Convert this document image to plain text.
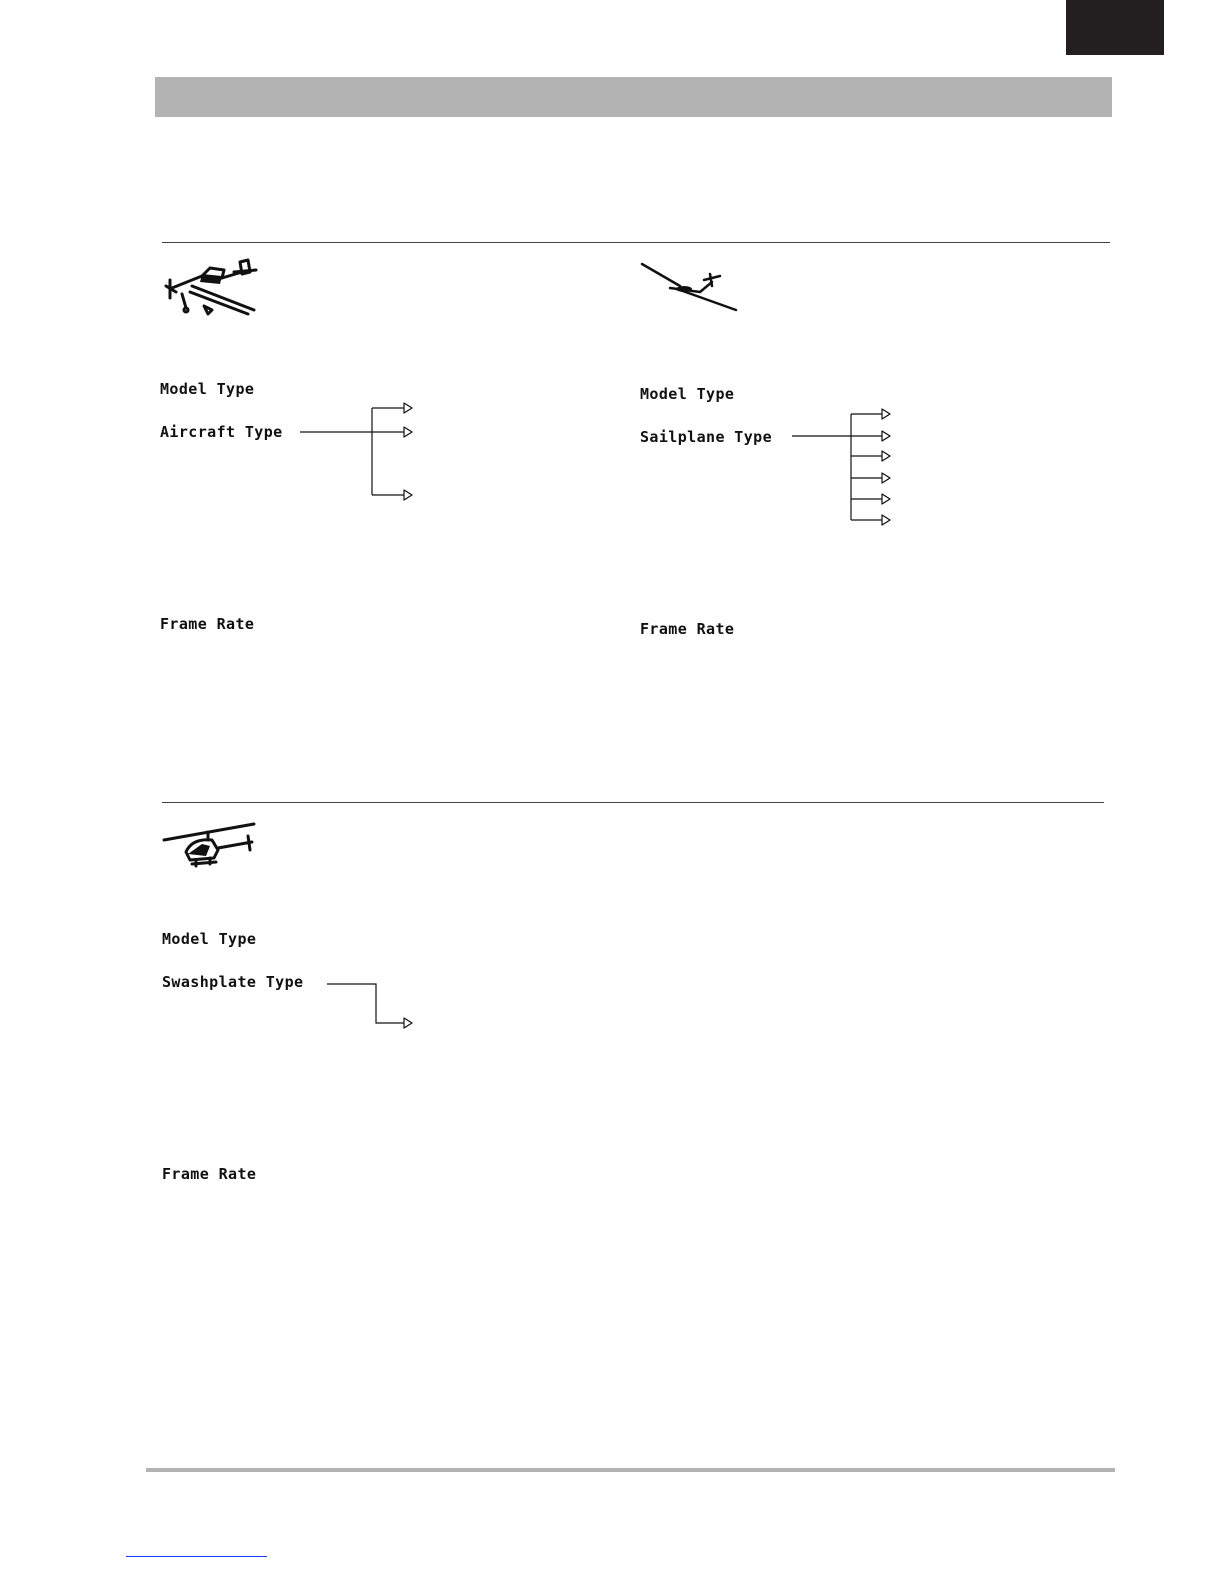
Model Type
Aircraft Type
Frame Rate
Model Type
Sailplane Type
Frame Rate
Model Type
Swashplate Type
Frame Rate
